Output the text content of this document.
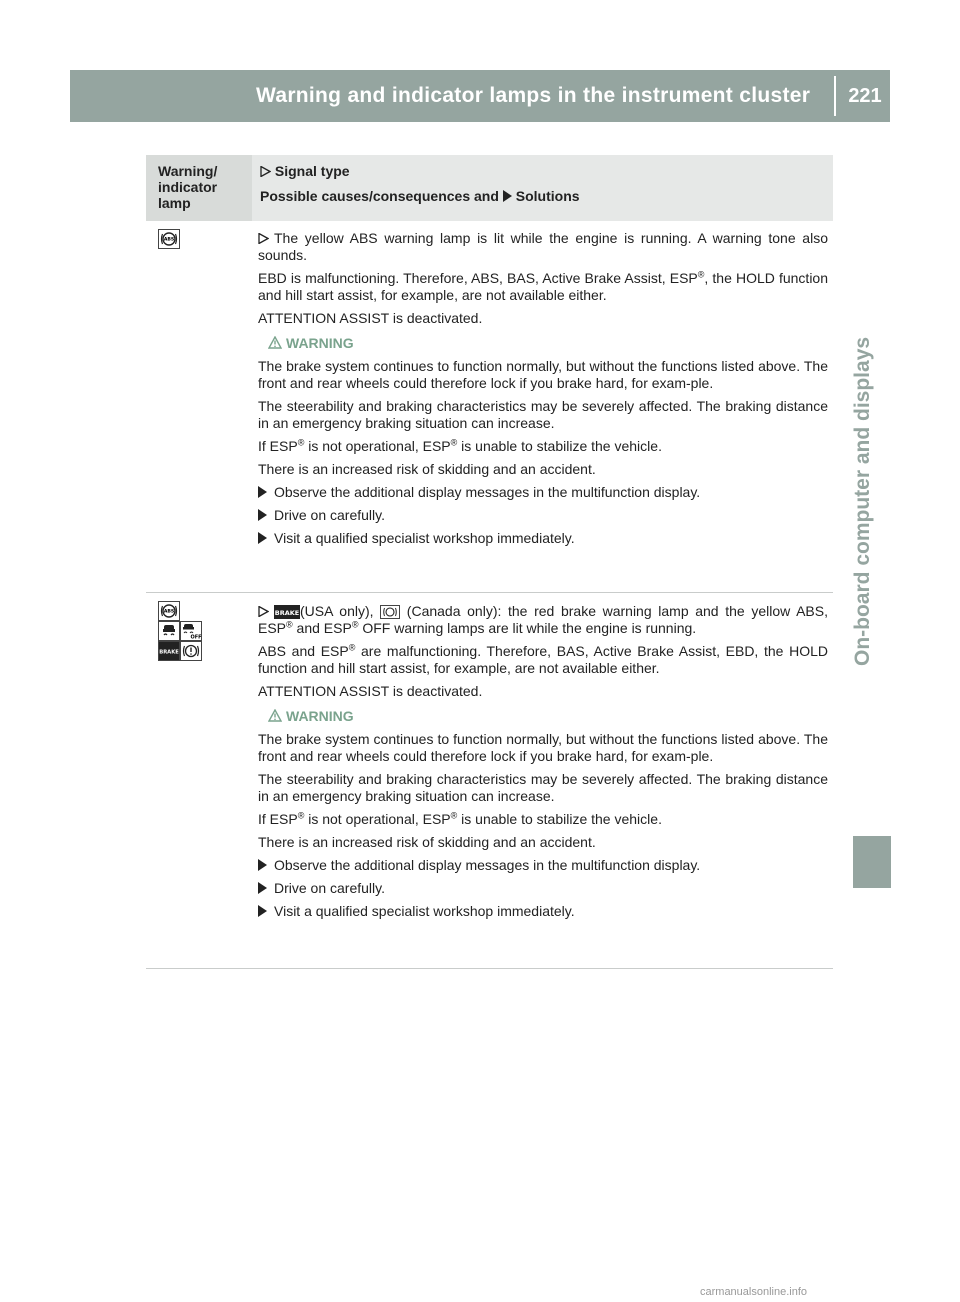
Warning and indicator lamps in the instrument cluster	221
On-board computer and displays
Warning/
indicator
lamp
Signal type
Possible causes/consequences and Solutions
ABS	The yellow ABS warning lamp is lit while the engine is running. A warning tone also sounds.

EBD is malfunctioning. Therefore, ABS, BAS, Active Brake Assist, ESP®, the HOLD function and hill start assist, for example, are not available either.

ATTENTION ASSIST is deactivated.

WARNING

The brake system continues to function normally, but without the functions listed above. The front and rear wheels could therefore lock if you brake hard, for exam-ple.

The steerability and braking characteristics may be severely affected. The braking distance in an emergency braking situation can increase.

If ESP® is not operational, ESP® is unable to stabilize the vehicle.

There is an increased risk of skidding and an accident.

Observe the additional display messages in the multifunction display.
Drive on carefully.
Visit a qualified specialist workshop immediately.
ABS
OFF
BRAKE

BRAKE (USA only),  (Canada only): the red brake warning lamp and the yellow ABS, ESP® and ESP® OFF warning lamps are lit while the engine is running.

ABS and ESP® are malfunctioning. Therefore, BAS, Active Brake Assist, EBD, the HOLD function and hill start assist, for example, are not available either.

ATTENTION ASSIST is deactivated.

WARNING

The brake system continues to function normally, but without the functions listed above. The front and rear wheels could therefore lock if you brake hard, for exam-ple.

The steerability and braking characteristics may be severely affected. The braking distance in an emergency braking situation can increase.

If ESP® is not operational, ESP® is unable to stabilize the vehicle.

There is an increased risk of skidding and an accident.

Observe the additional display messages in the multifunction display.
Drive on carefully.
Visit a qualified specialist workshop immediately.
carmanualsonline.info
